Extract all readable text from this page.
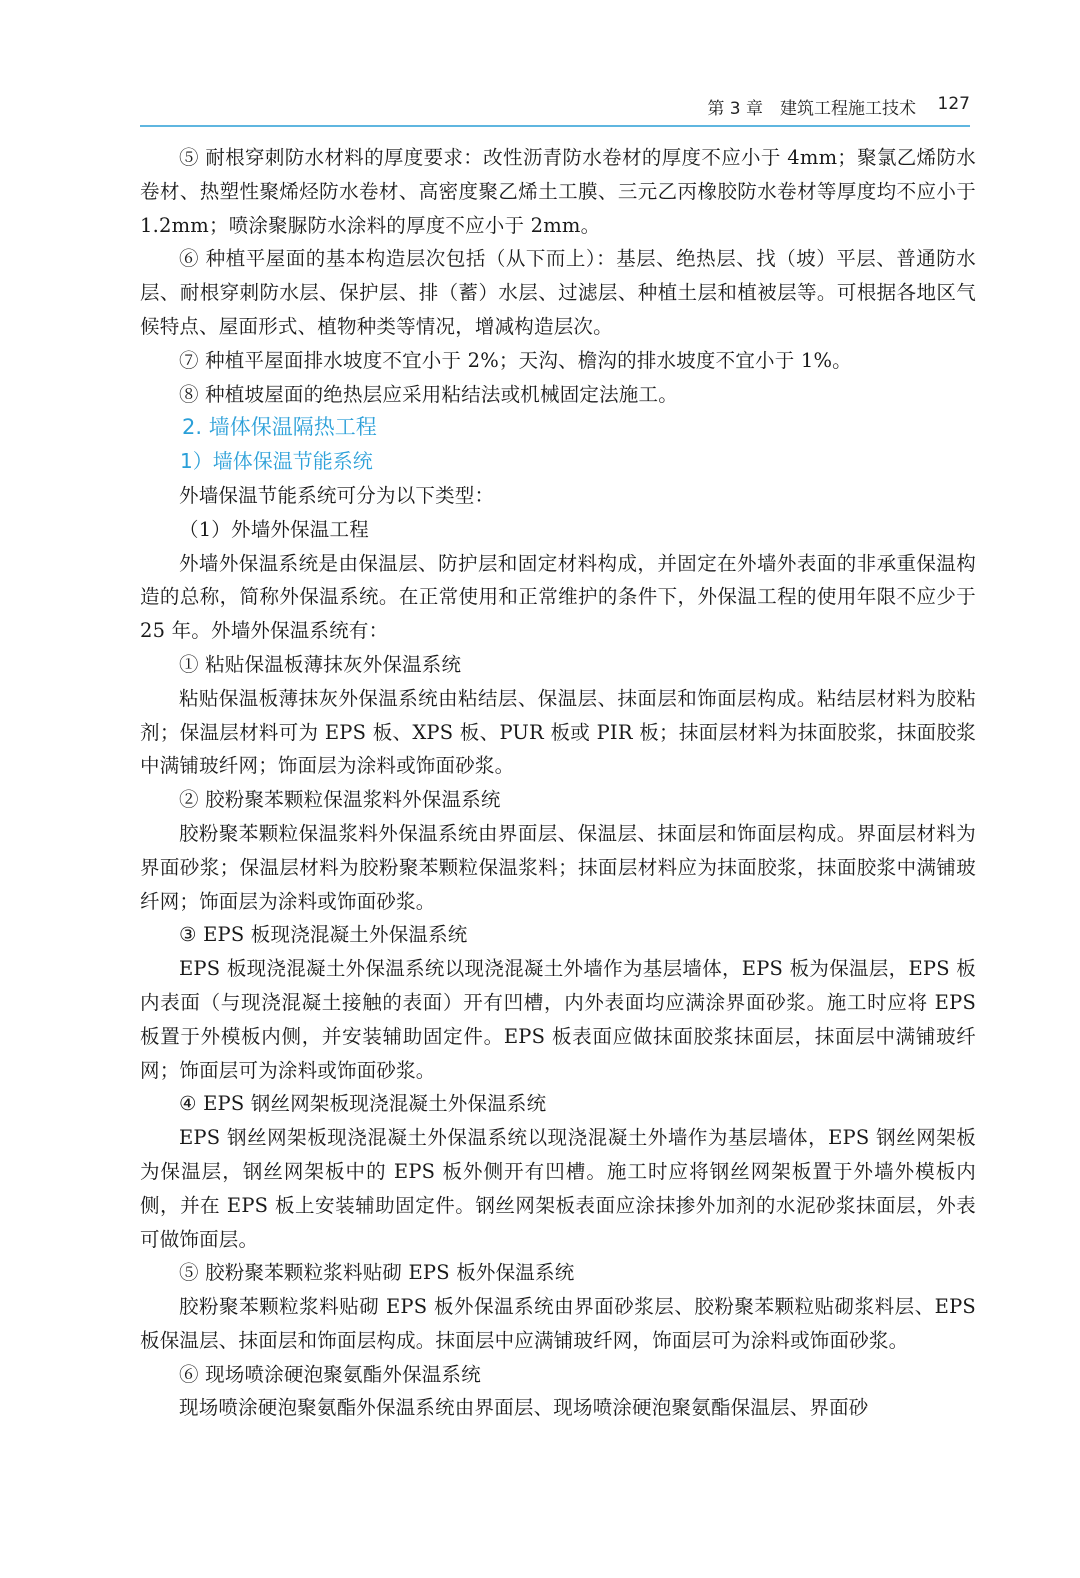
第 3 章　建筑工程施工技术 127

⑤ 耐根穿刺防水材料的厚度要求：改性沥青防水卷材的厚度不应小于 4mm；聚氯乙烯防水卷材、热塑性聚烯烃防水卷材、高密度聚乙烯土工膜、三元乙丙橡胶防水卷材等厚度均不应小于 1.2mm；喷涂聚脲防水涂料的厚度不应小于 2mm。

⑥ 种植平屋面的基本构造层次包括（从下而上）：基层、绝热层、找（坡）平层、普通防水层、耐根穿刺防水层、保护层、排（蓄）水层、过滤层、种植土层和植被层等。可根据各地区气候特点、屋面形式、植物种类等情况，增减构造层次。

⑦ 种植平屋面排水坡度不宜小于 2%；天沟、檐沟的排水坡度不宜小于 1%。

⑧ 种植坡屋面的绝热层应采用粘结法或机械固定法施工。

2. 墙体保温隔热工程

1）墙体保温节能系统

外墙保温节能系统可分为以下类型：

（1）外墙外保温工程

外墙外保温系统是由保温层、防护层和固定材料构成，并固定在外墙外表面的非承重保温构造的总称，简称外保温系统。在正常使用和正常维护的条件下，外保温工程的使用年限不应少于 25 年。外墙外保温系统有：

① 粘贴保温板薄抹灰外保温系统

粘贴保温板薄抹灰外保温系统由粘结层、保温层、抹面层和饰面层构成。粘结层材料为胶粘剂；保温层材料可为 EPS 板、XPS 板、PUR 板或 PIR 板；抹面层材料为抹面胶浆，抹面胶浆中满铺玻纤网；饰面层为涂料或饰面砂浆。

② 胶粉聚苯颗粒保温浆料外保温系统

胶粉聚苯颗粒保温浆料外保温系统由界面层、保温层、抹面层和饰面层构成。界面层材料为界面砂浆；保温层材料为胶粉聚苯颗粒保温浆料；抹面层材料应为抹面胶浆，抹面胶浆中满铺玻纤网；饰面层为涂料或饰面砂浆。

③ EPS 板现浇混凝土外保温系统

EPS 板现浇混凝土外保温系统以现浇混凝土外墙作为基层墙体，EPS 板为保温层，EPS 板内表面（与现浇混凝土接触的表面）开有凹槽，内外表面均应满涂界面砂浆。施工时应将 EPS 板置于外模板内侧，并安装辅助固定件。EPS 板表面应做抹面胶浆抹面层，抹面层中满铺玻纤网；饰面层可为涂料或饰面砂浆。

④ EPS 钢丝网架板现浇混凝土外保温系统

EPS 钢丝网架板现浇混凝土外保温系统以现浇混凝土外墙作为基层墙体，EPS 钢丝网架板为保温层，钢丝网架板中的 EPS 板外侧开有凹槽。施工时应将钢丝网架板置于外墙外模板内侧，并在 EPS 板上安装辅助固定件。钢丝网架板表面应涂抹掺外加剂的水泥砂浆抹面层，外表可做饰面层。

⑤ 胶粉聚苯颗粒浆料贴砌 EPS 板外保温系统

胶粉聚苯颗粒浆料贴砌 EPS 板外保温系统由界面砂浆层、胶粉聚苯颗粒贴砌浆料层、EPS 板保温层、抹面层和饰面层构成。抹面层中应满铺玻纤网，饰面层可为涂料或饰面砂浆。

⑥ 现场喷涂硬泡聚氨酯外保温系统

现场喷涂硬泡聚氨酯外保温系统由界面层、现场喷涂硬泡聚氨酯保温层、界面砂
